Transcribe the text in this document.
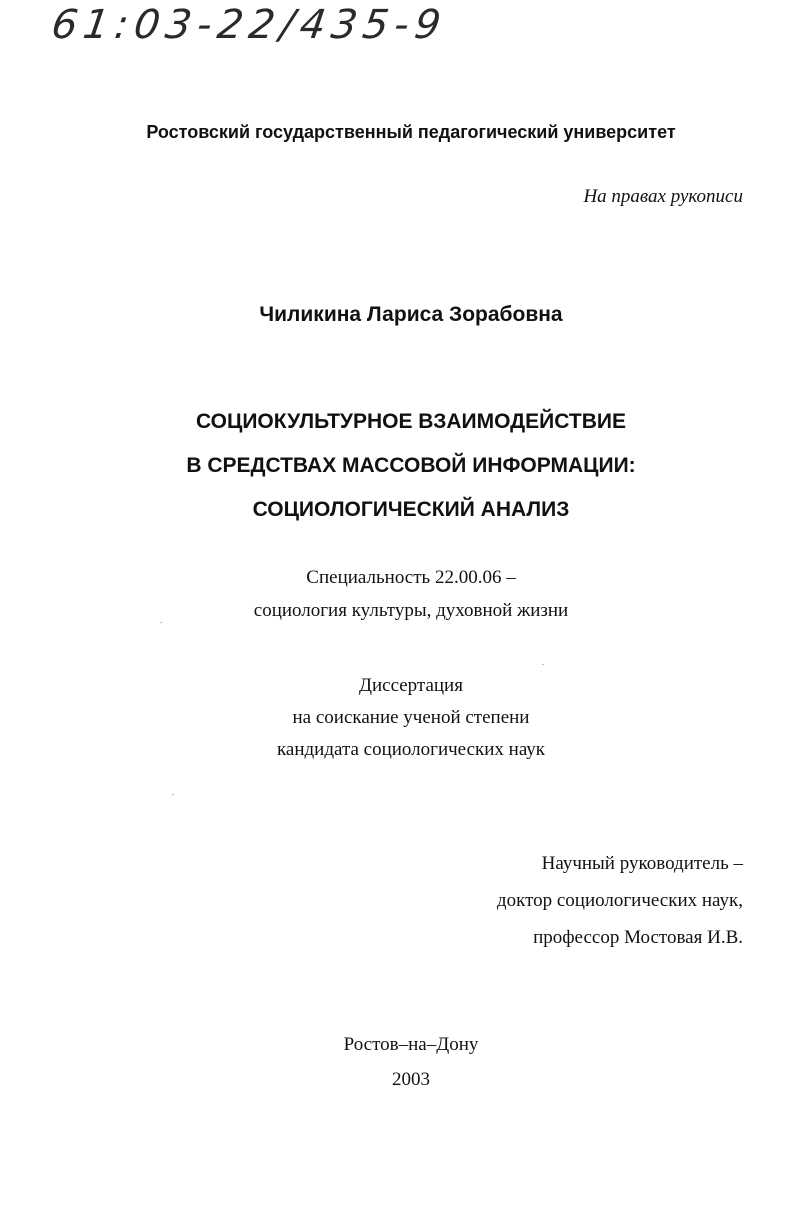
61:03-22/435-9
Ростовский государственный педагогический университет
На правах рукописи
Чиликина Лариса Зорабовна
СОЦИОКУЛЬТУРНОЕ ВЗАИМОДЕЙСТВИЕ
В СРЕДСТВАХ МАССОВОЙ ИНФОРМАЦИИ:
СОЦИОЛОГИЧЕСКИЙ АНАЛИЗ
Специальность 22.00.06 –
социология культуры, духовной жизни
Диссертация
на соискание ученой степени
кандидата социологических наук
Научный руководитель –
доктор социологических наук,
профессор Мостовая И.В.
Ростов–на–Дону
2003
